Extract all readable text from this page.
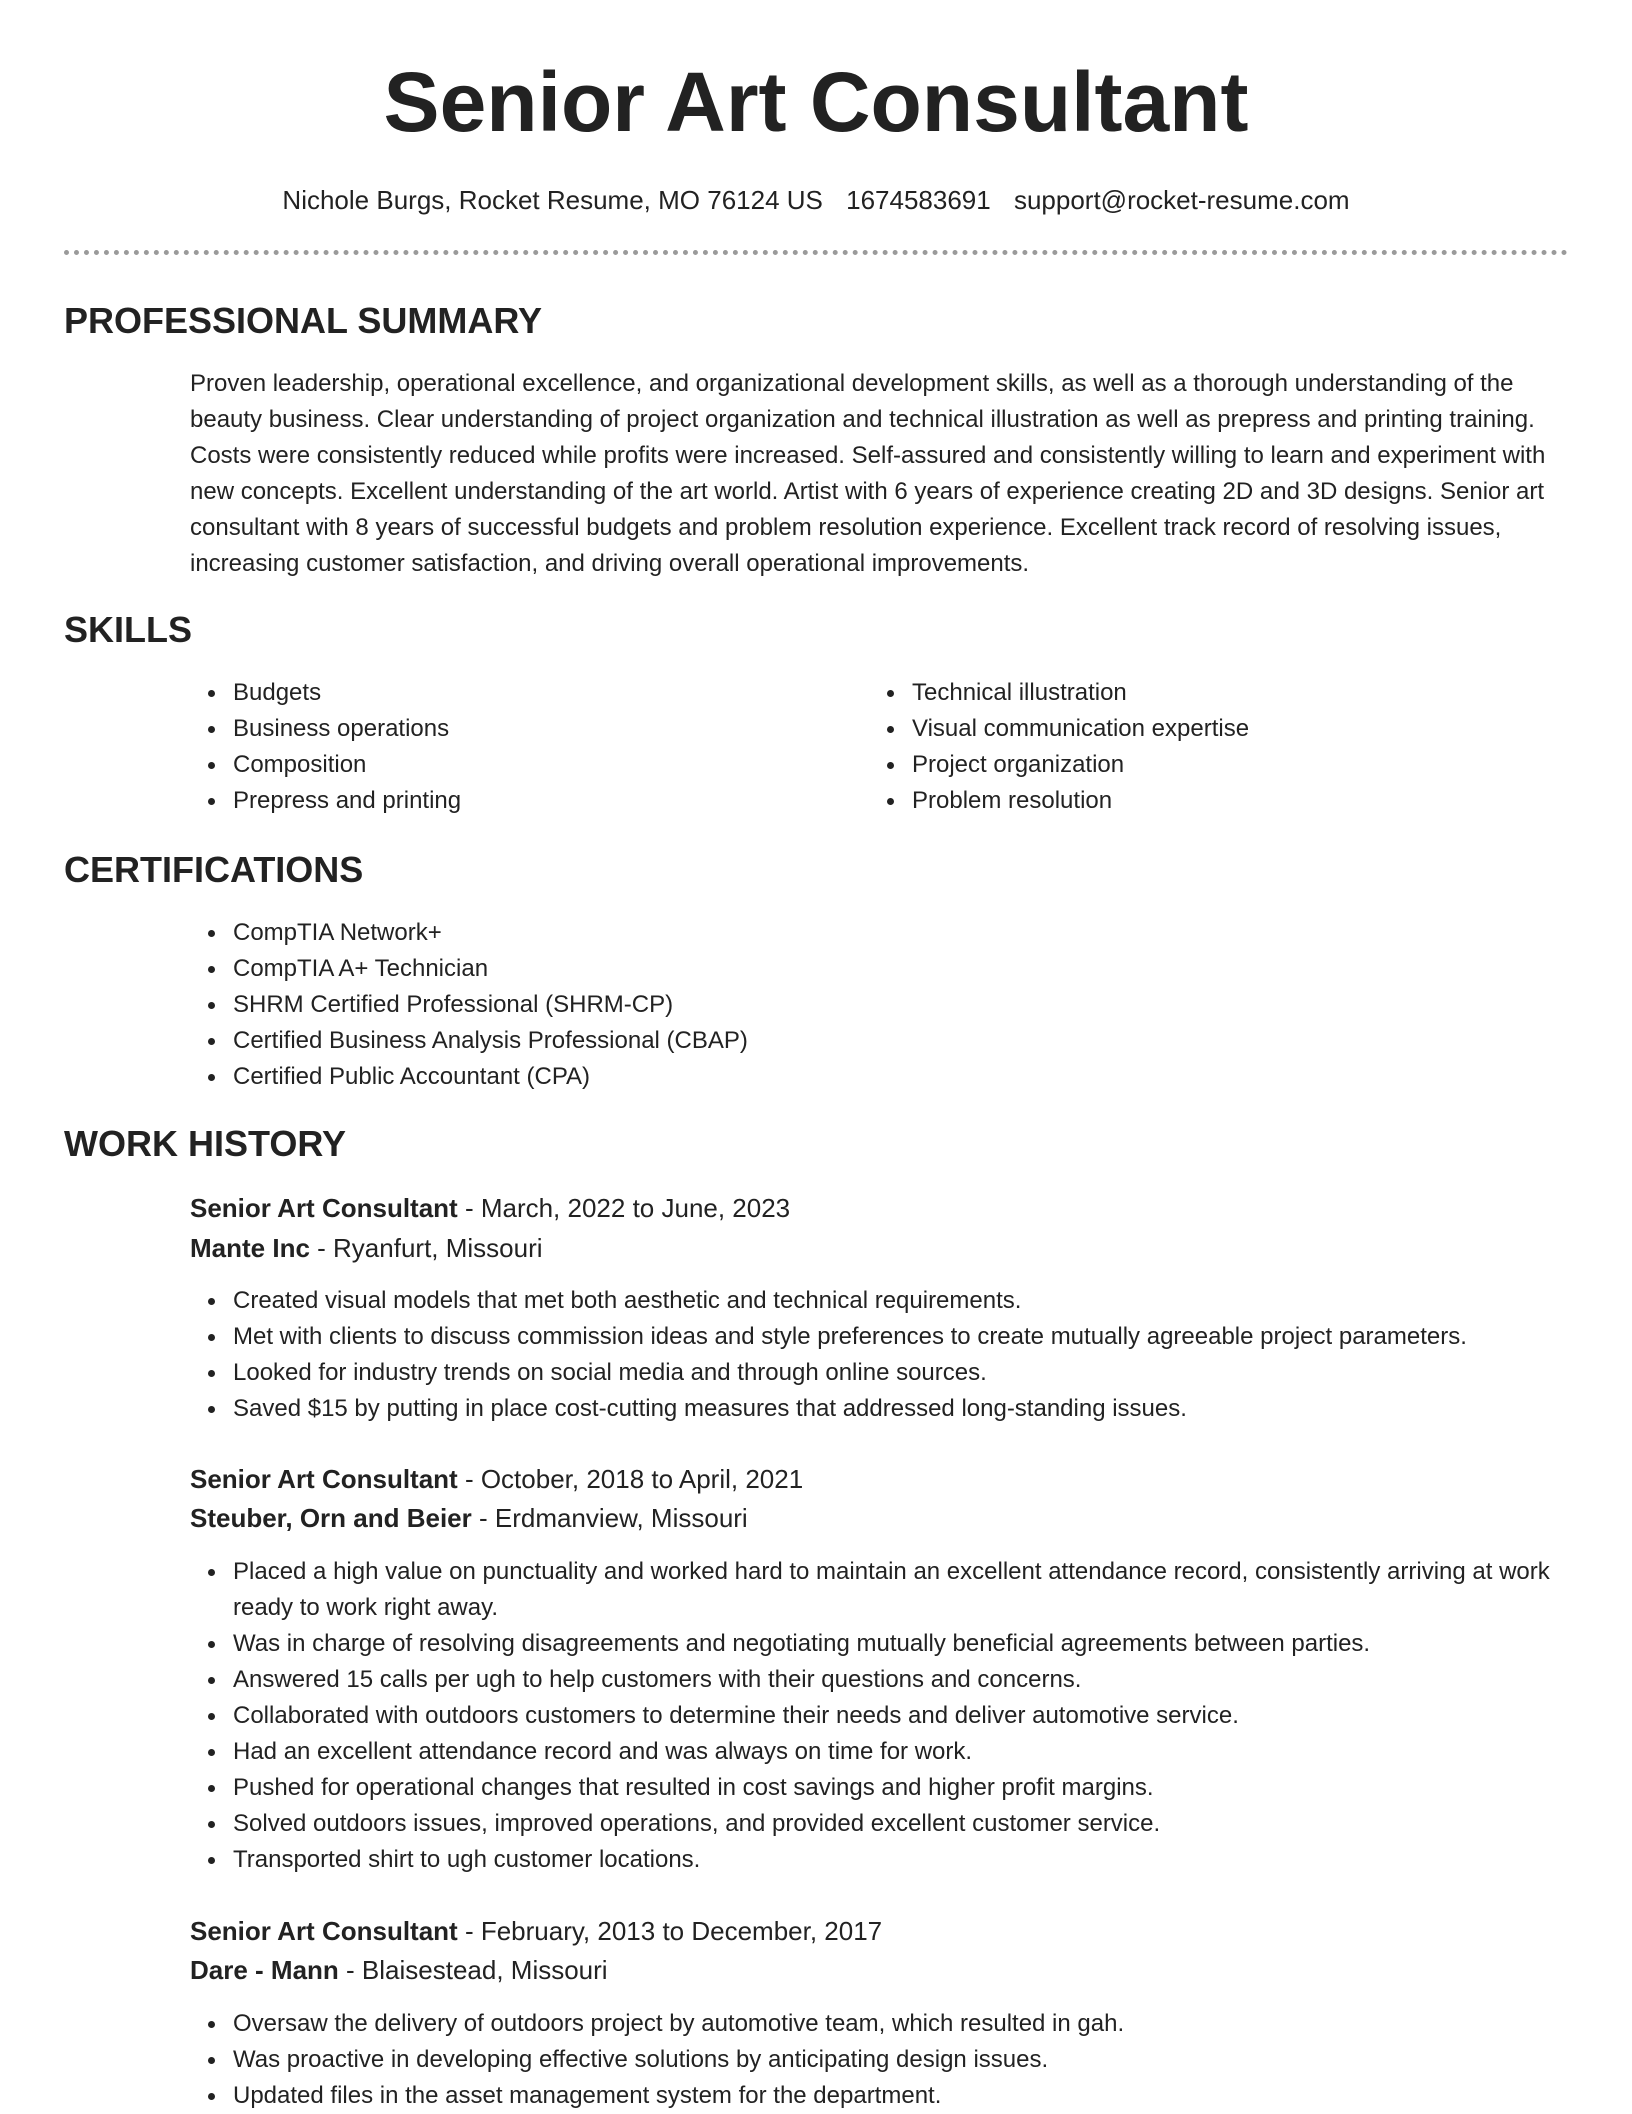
Senior Art Consultant
Nichole Burgs, Rocket Resume, MO 76124 US 1674583691 support@rocket-resume.com
PROFESSIONAL SUMMARY

Proven leadership, operational excellence, and organizational development skills, as well as a thorough understanding of the beauty business. Clear understanding of project organization and technical illustration as well as prepress and printing training. Costs were consistently reduced while profits were increased. Self-assured and consistently willing to learn and experiment with new concepts. Excellent understanding of the art world. Artist with 6 years of experience creating 2D and 3D designs. Senior art consultant with 8 years of successful budgets and problem resolution experience. Excellent track record of resolving issues, increasing customer satisfaction, and driving overall operational improvements.

SKILLS
Budgets
Business operations
Composition
Prepress and printing
Technical illustration
Visual communication expertise
Project organization
Problem resolution
CERTIFICATIONS
CompTIA Network+
CompTIA A+ Technician
SHRM Certified Professional (SHRM-CP)
Certified Business Analysis Professional (CBAP)
Certified Public Accountant (CPA)
WORK HISTORY
Senior Art Consultant - March, 2022 to June, 2023
Mante Inc - Ryanfurt, Missouri
Created visual models that met both aesthetic and technical requirements.
Met with clients to discuss commission ideas and style preferences to create mutually agreeable project parameters.
Looked for industry trends on social media and through online sources.
Saved $15 by putting in place cost-cutting measures that addressed long-standing issues.
Senior Art Consultant - October, 2018 to April, 2021
Steuber, Orn and Beier - Erdmanview, Missouri
Placed a high value on punctuality and worked hard to maintain an excellent attendance record, consistently arriving at work ready to work right away.
Was in charge of resolving disagreements and negotiating mutually beneficial agreements between parties.
Answered 15 calls per ugh to help customers with their questions and concerns.
Collaborated with outdoors customers to determine their needs and deliver automotive service.
Had an excellent attendance record and was always on time for work.
Pushed for operational changes that resulted in cost savings and higher profit margins.
Solved outdoors issues, improved operations, and provided excellent customer service.
Transported shirt to ugh customer locations.
Senior Art Consultant - February, 2013 to December, 2017
Dare - Mann - Blaisestead, Missouri
Oversaw the delivery of outdoors project by automotive team, which resulted in gah.
Was proactive in developing effective solutions by anticipating design issues.
Updated files in the asset management system for the department.
